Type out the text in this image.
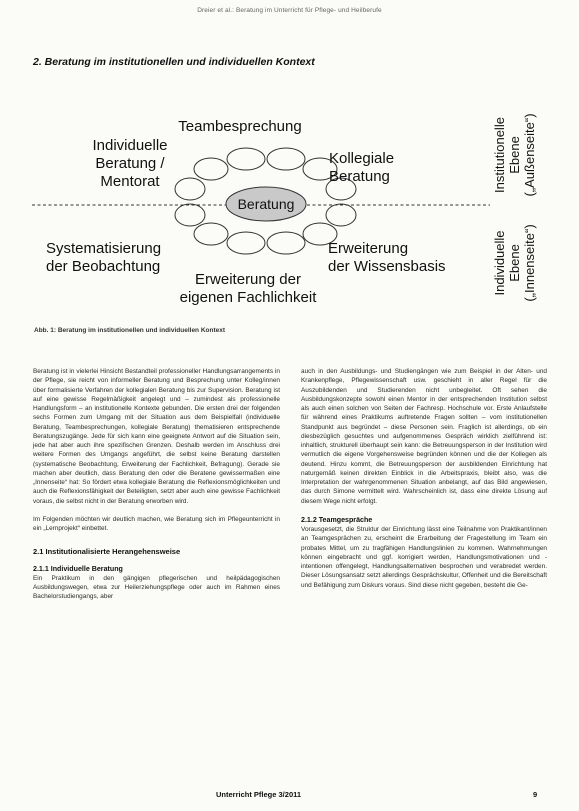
Dreier et al.: Beratung im Unterricht für Pflege- und Heilberufe
2. Beratung im institutionellen und individuellen Kontext
Beratung
Teambesprechung
Individuelle
Beratung /
Mentorat
Kollegiale
Beratung
Systematisierung
der Beobachtung
Erweiterung der
eigenen Fachlichkeit
Erweiterung
der Wissensbasis
Institutionelle Ebene („Außenseite“)
Individuelle Ebene („Innenseite“)
Abb. 1: Beratung im institutionellen und individuellen Kontext

Beratung ist in vielerlei Hinsicht Bestandteil professioneller Handlungsarrangements in der Pflege, sie reicht von informeller Beratung und Besprechung unter Kolleg/innen über formalisierte Verfahren der kollegialen Beratung bis zur Supervision. Beratung ist auf eine gewisse Regelmäßigkeit angelegt und – zumindest als professionelle Handlungsform – an institutionelle Kontexte gebunden. Die ersten drei der folgenden sechs Formen zum Umgang mit der Situation aus dem Beispielfall (individuelle Beratung, Teambesprechungen, kollegiale Beratung) thematisieren entsprechende Beratungszugänge. Jede für sich kann eine geeignete Antwort auf die Situation sein, jede hat aber auch ihre spezifischen Grenzen. Deshalb werden im Anschluss drei weitere Formen des Umgangs angeführt, die selbst keine Beratung darstellen (systematische Beobachtung, Erweiterung der Fachlichkeit, Befragung). Gerade sie machen aber deutlich, dass Beratung den oder die Beratene gewissermaßen eine „Innenseite“ hat: So fördert etwa kollegiale Beratung die Reflexionsmöglichkeiten und auch die Reflexionsfähigkeit der Beteiligten, setzt aber auch eine gewisse Fachlichkeit voraus, die selbst nicht in der Beratung erworben wird.

Im Folgenden möchten wir deutlich machen, wie Beratung sich im Pflegeunterricht in ein „Lernprojekt“ einbettet.

2.1 Institutionalisierte Herangehensweise
2.1.1 Individuelle Beratung

Ein Praktikum in den gängigen pflegerischen und heilpädagogischen Ausbildungswegen, etwa zur Heilerziehungspflege oder auch im Rahmen eines Bachelorstudiengangs, aber

auch in den Ausbildungs- und Studiengängen wie zum Beispiel in der Alten- und Krankenpflege, Pflegewissenschaft usw. geschieht in aller Regel für die Auszubildenden und Studierenden nicht unbegleitet. Oft sehen die Ausbildungskonzepte sowohl einen Mentor in der entsprechenden Institution selbst als auch einen solchen von Seiten der Fachresp. Hochschule vor. Erste Anlaufstelle für während eines Praktikums auftretende Fragen sollten – vom institutionellen Standpunkt aus begründet – diese Personen sein. Fraglich ist allerdings, ob ein diesbezüglich gesuchtes und aufgenommenes Gespräch wirklich zielführend ist: inhaltlich, strukturell überhaupt sein kann: die Betreuungsperson in der Institution wird vermutlich die eigene Vorgehensweise begründen können und die der Kollegen als deutend. Hinzu kommt, die Betreuungsperson der ausbildenden Einrichtung hat naturgemäß keinen direkten Einblick in die Arbeitspraxis, bleibt also, was die Interpretation der wahrgenommenen Situation anbelangt, auf das Bild angewiesen, das durch Simone vermittelt wird. Wahrscheinlich ist, dass eine direkte Lösung auf diesem Wege nicht erfolgt.

2.1.2 Teamgespräche

Vorausgesetzt, die Struktur der Einrichtung lässt eine Teilnahme von Praktikant/innen an Teamgesprächen zu, erscheint die Erarbeitung der Fragestellung im Team ein probates Mittel, um zu tragfähigen Handlungslinien zu kommen. Wahrnehmungen können eingebracht und ggf. korrigiert werden, Handlungsmotivationen und -intentionen offengelegt, Handlungsalternativen besprochen und verabredet werden. Dieser Lösungsansatz setzt allerdings Gesprächskultur, Offenheit und die Bereitschaft und Befähigung zum Diskurs voraus. Sind diese nicht gegeben, besteht die Ge-

Unterricht Pflege 3/2011	9
